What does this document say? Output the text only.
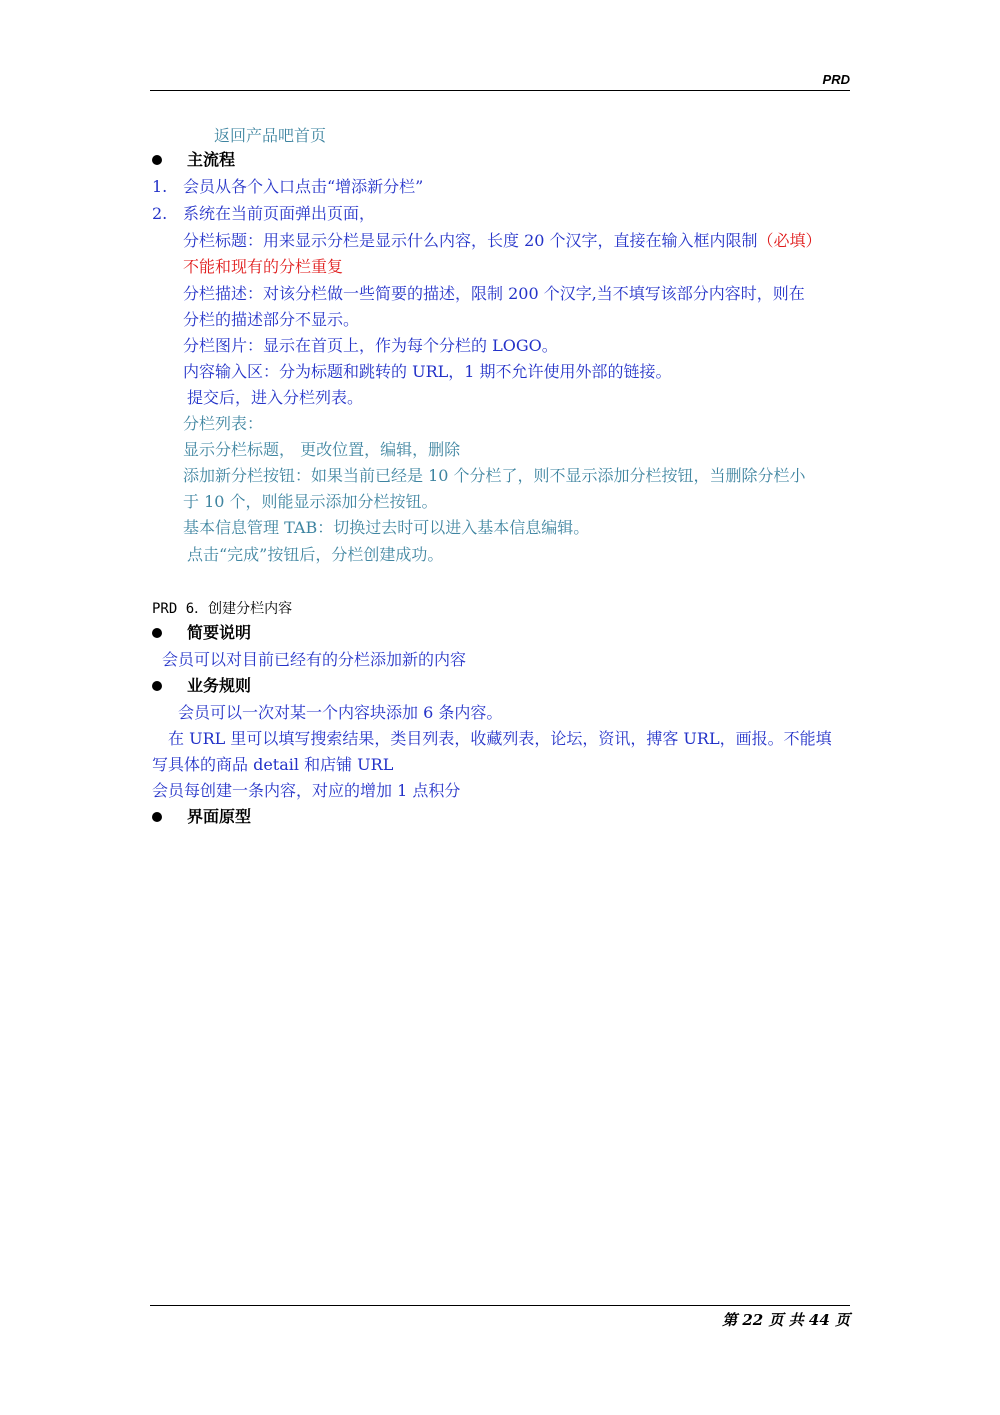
PRD
返回产品吧首页
主流程
1. 会员从各个入口点击“增添新分栏”
2. 系统在当前页面弹出页面，
分栏标题：用来显示分栏是显示什么内容，长度 20 个汉字，直接在输入框内限制（必填）
不能和现有的分栏重复
分栏描述：对该分栏做一些简要的描述，限制 200 个汉字,当不填写该部分内容时，则在
分栏的描述部分不显示。
分栏图片：显示在首页上，作为每个分栏的 LOGO。
内容输入区：分为标题和跳转的 URL，1 期不允许使用外部的链接。
提交后，进入分栏列表。
分栏列表：
显示分栏标题， 更改位置，编辑，删除
添加新分栏按钮：如果当前已经是 10 个分栏了，则不显示添加分栏按钮，当删除分栏小
于 10 个，则能显示添加分栏按钮。
基本信息管理 TAB：切换过去时可以进入基本信息编辑。
点击“完成”按钮后，分栏创建成功。
PRD 6．创建分栏内容
简要说明
会员可以对目前已经有的分栏添加新的内容
业务规则
会员可以一次对某一个内容块添加 6 条内容。
在 URL 里可以填写搜索结果，类目列表，收藏列表，论坛，资讯，搏客 URL，画报。不能填
写具体的商品 detail 和店铺 URL
会员每创建一条内容，对应的增加 1 点积分
界面原型
第 22 页 共 44 页
